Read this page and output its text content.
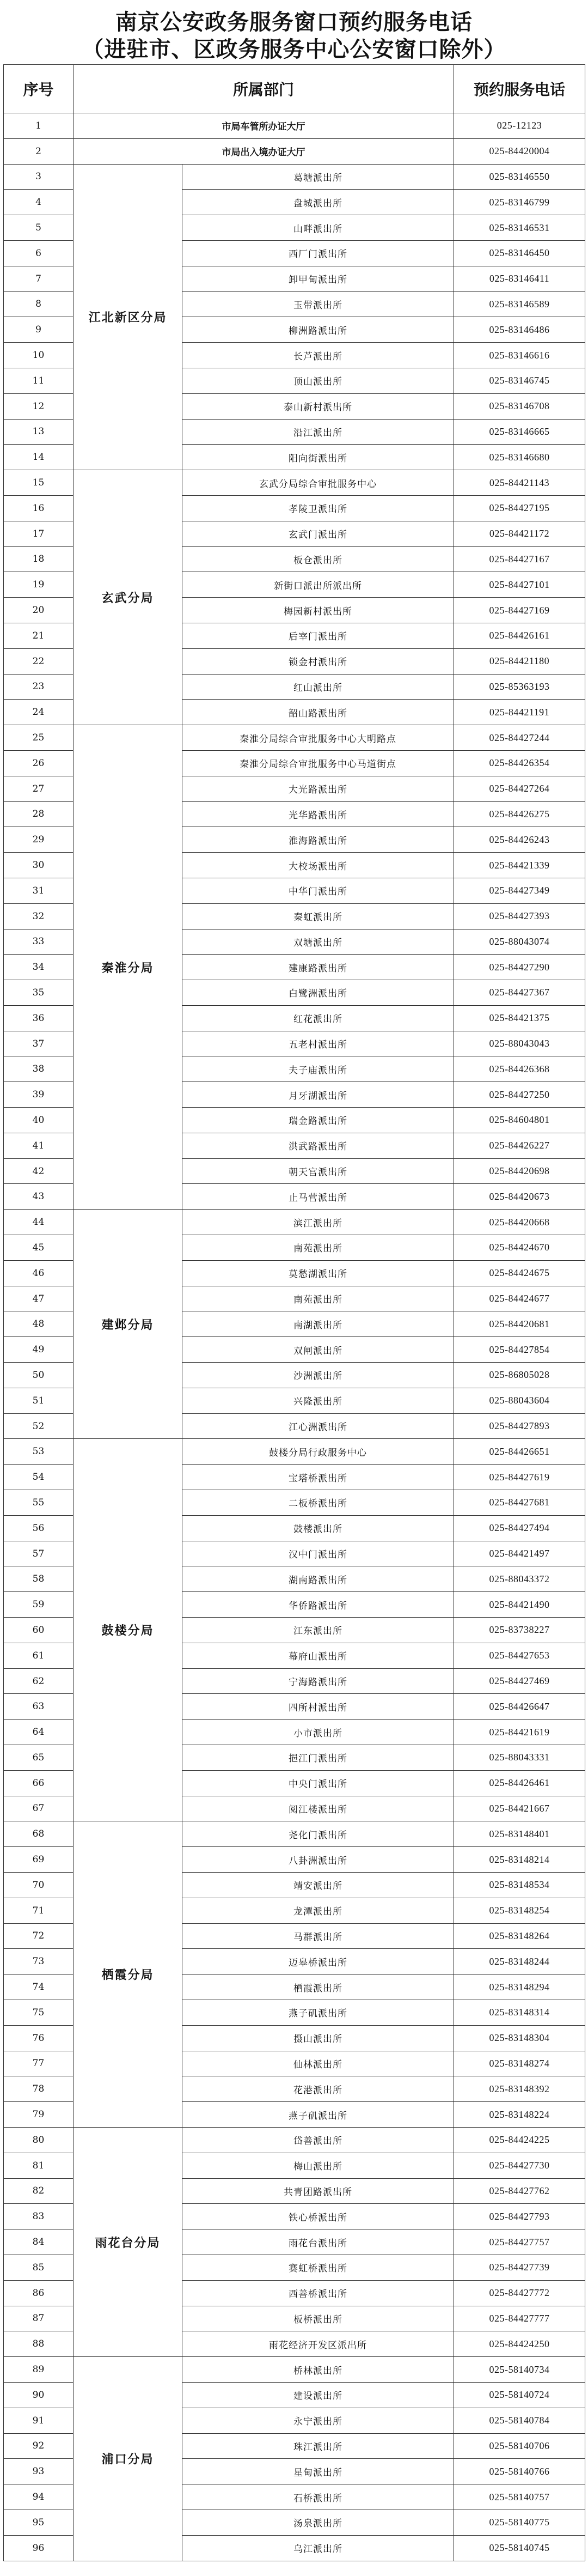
南京公安政务服务窗口预约服务电话
（进驻市、区政务服务中心公安窗口除外）
序号	所属部门		预约服务电话
1	市局车管所办证大厅		025-12123
2	市局出入境办证大厅		025-84420004
3	江北新区分局	葛塘派出所	025-83146550
4		盘城派出所	025-83146799
5		山畔派出所	025-83146531
6		西厂门派出所	025-83146450
7		卸甲甸派出所	025-83146411
8		玉带派出所	025-83146589
9		柳洲路派出所	025-83146486
10		长芦派出所	025-83146616
11		顶山派出所	025-83146745
12		泰山新村派出所	025-83146708
13		沿江派出所	025-83146665
14		阳向街派出所	025-83146680
15	玄武分局	玄武分局综合审批服务中心	025-84421143
16		孝陵卫派出所	025-84427195
17		玄武门派出所	025-84421172
18		板仓派出所	025-84427167
19		新街口派出所派出所	025-84427101
20		梅园新村派出所	025-84427169
21		后宰门派出所	025-84426161
22		锁金村派出所	025-84421180
23		红山派出所	025-85363193
24		韶山路派出所	025-84421191
25	秦淮分局	秦淮分局综合审批服务中心大明路点	025-84427244
26		秦淮分局综合审批服务中心马道街点	025-84426354
27		大光路派出所	025-84427264
28		光华路派出所	025-84426275
29		淮海路派出所	025-84426243
30		大校场派出所	025-84421339
31		中华门派出所	025-84427349
32		秦虹派出所	025-84427393
33		双塘派出所	025-88043074
34		建康路派出所	025-84427290
35		白鹭洲派出所	025-84427367
36		红花派出所	025-84421375
37		五老村派出所	025-88043043
38		夫子庙派出所	025-84426368
39		月牙湖派出所	025-84427250
40		瑞金路派出所	025-84604801
41		洪武路派出所	025-84426227
42		朝天宫派出所	025-84420698
43		止马营派出所	025-84420673
44	建邺分局	滨江派出所	025-84420668
45		南苑派出所	025-84424670
46		莫愁湖派出所	025-84424675
47		南苑派出所	025-84424677
48		南湖派出所	025-84420681
49		双闸派出所	025-84427854
50		沙洲派出所	025-86805028
51		兴隆派出所	025-88043604
52		江心洲派出所	025-84427893
53	鼓楼分局	鼓楼分局行政服务中心	025-84426651
54		宝塔桥派出所	025-84427619
55		二板桥派出所	025-84427681
56		鼓楼派出所	025-84427494
57		汉中门派出所	025-84421497
58		湖南路派出所	025-88043372
59		华侨路派出所	025-84421490
60		江东派出所	025-83738227
61		幕府山派出所	025-84427653
62		宁海路派出所	025-84427469
63		四所村派出所	025-84426647
64		小市派出所	025-84421619
65		挹江门派出所	025-88043331
66		中央门派出所	025-84426461
67		阅江楼派出所	025-84421667
68	栖霞分局	尧化门派出所	025-83148401
69		八卦洲派出所	025-83148214
70		靖安派出所	025-83148534
71		龙潭派出所	025-83148254
72		马群派出所	025-83148264
73		迈皋桥派出所	025-83148244
74		栖霞派出所	025-83148294
75		燕子矶派出所	025-83148314
76		摄山派出所	025-83148304
77		仙林派出所	025-83148274
78		花港派出所	025-83148392
79		燕子矶派出所	025-83148224
80	雨花台分局	岱善派出所	025-84424225
81		梅山派出所	025-84427730
82		共青团路派出所	025-84427762
83		铁心桥派出所	025-84427793
84		雨花台派出所	025-84427757
85		赛虹桥派出所	025-84427739
86		西善桥派出所	025-84427772
87		板桥派出所	025-84427777
88		雨花经济开发区派出所	025-84424250
89	浦口分局	桥林派出所	025-58140734
90		建设派出所	025-58140724
91		永宁派出所	025-58140784
92		珠江派出所	025-58140706
93		星甸派出所	025-58140766
94		石桥派出所	025-58140757
95		汤泉派出所	025-58140775
96		乌江派出所	025-58140745
